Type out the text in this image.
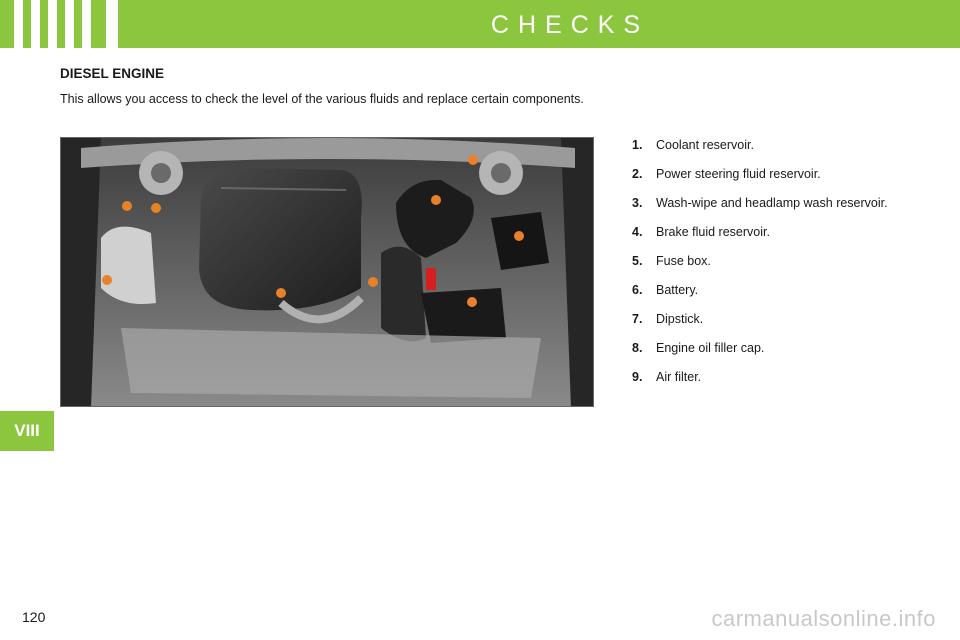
CHECKS
DIESEL ENGINE
This allows you access to check the level of the various fluids and replace certain components.
1. Coolant reservoir.
2. Power steering fluid reservoir.
3. Wash-wipe and headlamp wash reservoir.
4. Brake fluid reservoir.
5. Fuse box.
6. Battery.
7. Dipstick.
8. Engine oil filler cap.
9. Air filter.
VIII
120	carmanualsonline.info
